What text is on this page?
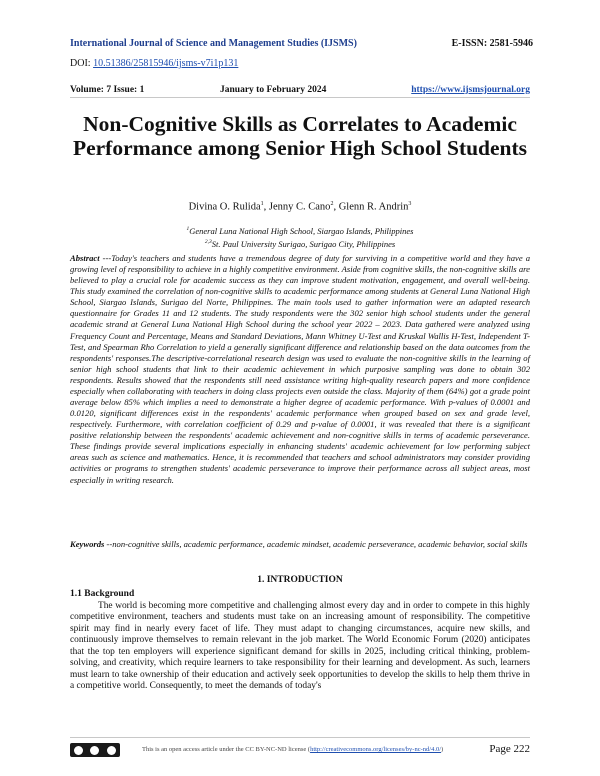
International Journal of Science and Management Studies (IJSMS)	E-ISSN: 2581-5946
DOI: 10.51386/25815946/ijsms-v7i1p131
Volume: 7 Issue: 1	January to February 2024	https://www.ijsmsjournal.org
Non-Cognitive Skills as Correlates to Academic Performance among Senior High School Students
Divina O. Rulida$^1$, Jenny C. Cano$^2$, Glenn R. Andrin$^3$
$^1$General Luna National High School, Siargao Islands, Philippines
$^{2,3}$St. Paul University Surigao, Surigao City, Philippines
Abstract ---Today's teachers and students have a tremendous degree of duty for surviving in a competitive world and they have a growing level of responsibility to achieve in a highly competitive environment. Aside from cognitive skills, the non-cognitive skills are believed to play a crucial role for academic success as they can improve student motivation, engagement, and overall well-being. This study examined the correlation of non-cognitive skills to academic performance among students at General Luna National High School, Siargao Islands, Surigao del Norte, Philippines. The main tools used to gather information were an adapted research questionnaire for Grades 11 and 12 students. The study respondents were the 302 senior high school students under the general academic strand at General Luna National High School during the school year 2022 – 2023. Data gathered were analyzed using Frequency Count and Percentage, Means and Standard Deviations, Mann Whitney U-Test and Kruskal Wallis H-Test, Independent T-Test, and Spearman Rho Correlation to yield a generally significant difference and relationship based on the data outcomes from the respondents' responses.The descriptive-correlational research design was used to evaluate the non-cognitive skills in the learning of senior high school students that link to their academic achievement in which purposive sampling was done to obtain 302 respondents. Results showed that the respondents still need assistance writing high-quality research papers and more confidence especially when collaborating with teachers in doing class projects even outside the class. Majority of them (64%) got a grade point average below 85% which implies a need to demonstrate a higher degree of academic performance. With p-values of 0.0001 and 0.0120, significant differences exist in the respondents' academic performance when grouped based on sex and grade level, respectively. Furthermore, with correlation coefficient of 0.29 and p-value of 0.0001, it was revealed that there is a significant positive relationship between the respondents' academic achievement and non-cognitive skills in terms of academic perseverance. These findings provide several implications especially in enhancing students' academic achievement for low performing subject areas such as science and mathematics. Hence, it is recommended that teachers and school administrators may consider providing activities or programs to strengthen students' academic perseverance to improve their performance across all subject areas, most especially in writing research.
Keywords --non-cognitive skills, academic performance, academic mindset, academic perseverance, academic behavior, social skills
1. INTRODUCTION
1.1 Background
The world is becoming more competitive and challenging almost every day and in order to compete in this highly competitive environment, teachers and students must take on an increasing amount of responsibility. The competitive spirit may find in nearly every facet of life. They must adapt to changing circumstances, acquire new skills, and continuously improve themselves to remain relevant in the job market. The World Economic Forum (2020) anticipates that the top ten employers will experience significant demand for skills in 2025, including critical thinking, problem-solving, and creativity, which require learners to take responsibility for their learning and development. As such, learners must learn to take ownership of their education and actively seek opportunities to develop the skills to help them thrive in a competitive world. Consequently, to meet the demands of today's
This is an open access article under the CC BY-NC-ND license (http://creativecommons.org/licenses/by-nc-nd/4.0/)	Page 222
